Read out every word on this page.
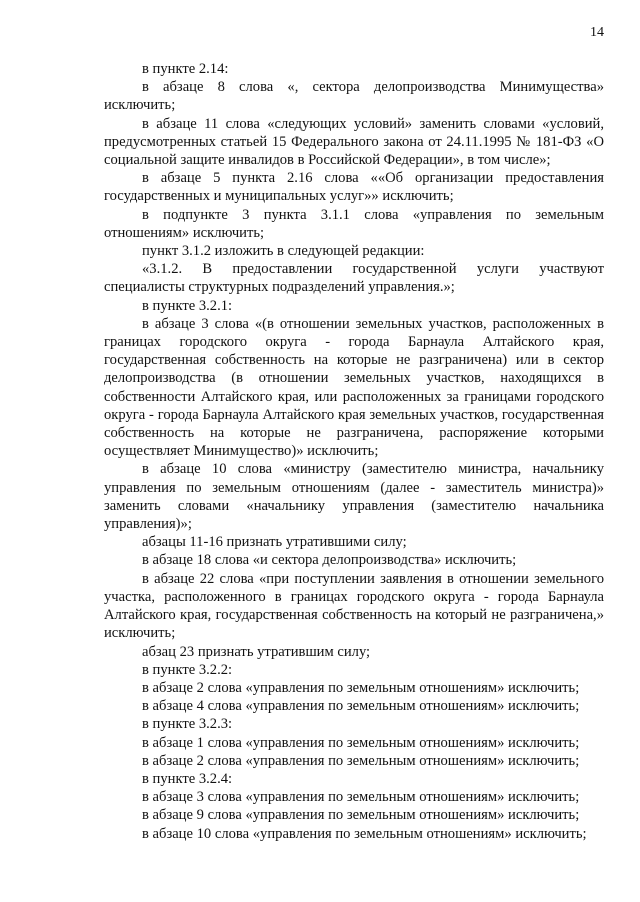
14

в пункте 2.14:

в абзаце 8 слова «, сектора делопроизводства Минимущества» исключить;

в абзаце 11 слова «следующих условий» заменить словами «условий, предусмотренных статьей 15 Федерального закона от 24.11.1995 № 181-ФЗ «О социальной защите инвалидов в Российской Федерации», в том числе»;

в абзаце 5 пункта 2.16 слова ««Об организации предоставления государственных и муниципальных услуг»» исключить;

в подпункте 3 пункта 3.1.1 слова «управления по земельным отношениям» исключить;

пункт 3.1.2 изложить в следующей редакции:

«3.1.2. В предоставлении государственной услуги участвуют специалисты структурных подразделений управления.»;

в пункте 3.2.1:

в абзаце 3 слова «(в отношении земельных участков, расположенных в границах городского округа - города Барнаула Алтайского края, государственная собственность на которые не разграничена) или в сектор делопроизводства (в отношении земельных участков, находящихся в собственности Алтайского края, или расположенных за границами городского округа - города Барнаула Алтайского края земельных участков, государственная собственность на которые не разграничена, распоряжение которыми осуществляет Минимущество)» исключить;

в абзаце 10 слова «министру (заместителю министра, начальнику управления по земельным отношениям (далее - заместитель министра)» заменить словами «начальнику управления (заместителю начальника управления)»;

абзацы 11-16 признать утратившими силу;

в абзаце 18 слова «и сектора делопроизводства» исключить;

в абзаце 22 слова «при поступлении заявления в отношении земельного участка, расположенного в границах городского округа - города Барнаула Алтайского края, государственная собственность на который не разграничена,» исключить;

абзац 23 признать утратившим силу;

в пункте 3.2.2:

в абзаце 2 слова «управления по земельным отношениям» исключить;

в абзаце 4 слова «управления по земельным отношениям» исключить;

в пункте 3.2.3:

в абзаце 1 слова «управления по земельным отношениям» исключить;

в абзаце 2 слова «управления по земельным отношениям» исключить;

в пункте 3.2.4:

в абзаце 3 слова «управления по земельным отношениям» исключить;

в абзаце 9 слова «управления по земельным отношениям» исключить;

в абзаце 10 слова «управления по земельным отношениям» исключить;
